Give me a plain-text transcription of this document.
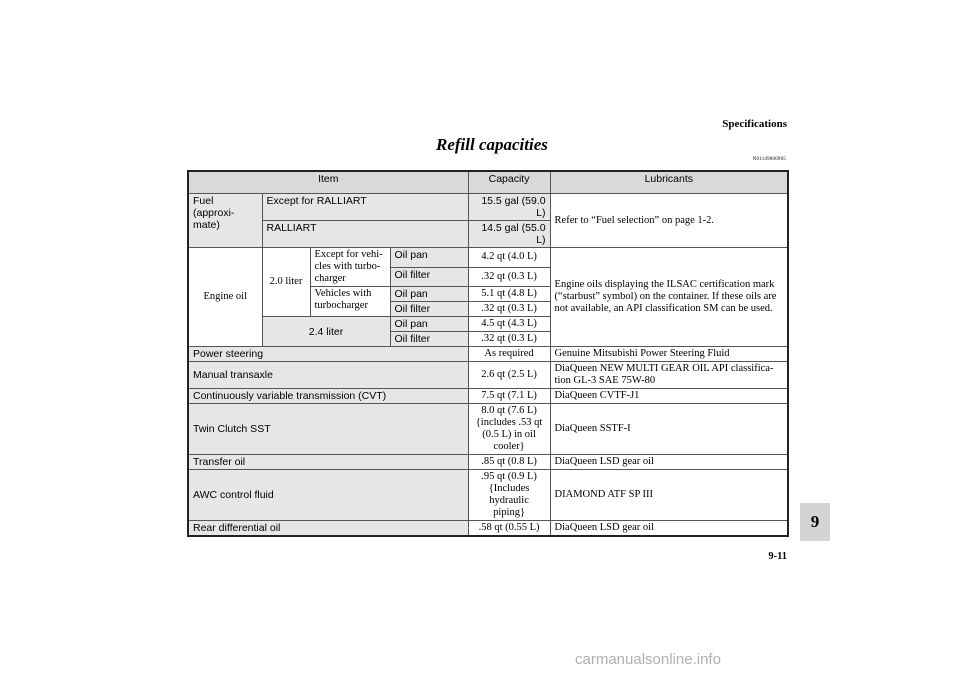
Specifications
Refill capacities
N01149000905
Item				Capacity	Lubricants
Fuel (approxi-mate)	Except for RALLIART			15.5 gal (59.0 L)	Refer to “Fuel selection” on page 1-2.
	RALLIART			14.5 gal (55.0 L)	
Engine oil	2.0 liter	Except for vehi-cles with turbo-charger	Oil pan	4.2 qt (4.0 L)	Engine oils displaying the ILSAC certification mark (“starbust” symbol) on the container. If these oils are not available, an API classification SM can be used.
			Oil filter	.32 qt (0.3 L)	
		Vehicles with turbocharger	Oil pan	5.1 qt (4.8 L)	
			Oil filter	.32 qt (0.3 L)	
	2.4 liter		Oil pan	4.5 qt (4.3 L)	
			Oil filter	.32 qt (0.3 L)	
Power steering				As required	Genuine Mitsubishi Power Steering Fluid
Manual transaxle				2.6 qt (2.5 L)	DiaQueen NEW MULTI GEAR OIL API classifica-tion GL-3 SAE 75W-80
Continuously variable transmission (CVT)				7.5 qt (7.1 L)	DiaQueen CVTF-J1
Twin Clutch SST				8.0 qt (7.6 L) {includes .53 qt (0.5 L) in oil cooler}	DiaQueen SSTF-I
Transfer oil				.85 qt (0.8 L)	DiaQueen LSD gear oil
AWC control fluid				.95 qt (0.9 L) {Includes hydraulic piping}	DIAMOND ATF SP III
Rear differential oil				.58 qt (0.55 L)	DiaQueen LSD gear oil	9
9-11
carmanualsonline.info
